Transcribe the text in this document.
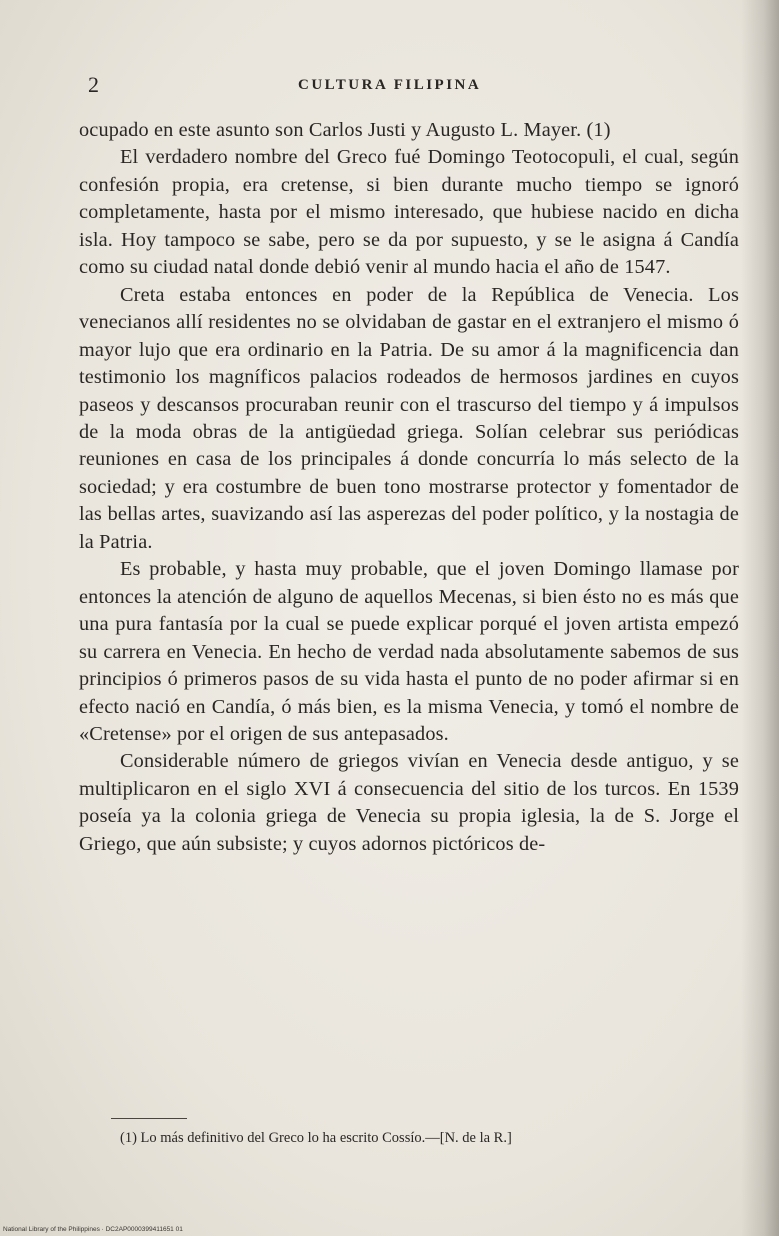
2	CULTURA FILIPINA

ocupado en este asunto son Carlos Justi y Augusto L. Mayer. (1)

El verdadero nombre del Greco fué Domingo Teotocopuli, el cual, según confesión propia, era cretense, si bien durante mucho tiempo se ignoró completamente, hasta por el mismo interesado, que hubiese nacido en dicha isla. Hoy tampoco se sabe, pero se da por supuesto, y se le asigna á Candía como su ciudad natal donde debió venir al mundo hacia el año de 1547.

Creta estaba entonces en poder de la República de Venecia. Los venecianos allí residentes no se olvidaban de gastar en el extranjero el mismo ó mayor lujo que era ordinario en la Patria. De su amor á la magnificencia dan testimonio los magníficos palacios rodeados de hermosos jardines en cuyos paseos y descansos procuraban reunir con el trascurso del tiempo y á impulsos de la moda obras de la antigüedad griega. Solían celebrar sus periódicas reuniones en casa de los principales á donde concurría lo más selecto de la sociedad; y era costumbre de buen tono mostrarse protector y fomentador de las bellas artes, suavizando así las asperezas del poder político, y la nostagia de la Patria.

Es probable, y hasta muy probable, que el joven Domingo llamase por entonces la atención de alguno de aquellos Mecenas, si bien ésto no es más que una pura fantasía por la cual se puede explicar porqué el joven artista empezó su carrera en Venecia. En hecho de verdad nada absolutamente sabemos de sus principios ó primeros pasos de su vida hasta el punto de no poder afirmar si en efecto nació en Candía, ó más bien, es la misma Venecia, y tomó el nombre de «Cretense» por el origen de sus antepasados.

Considerable número de griegos vivían en Venecia desde antiguo, y se multiplicaron en el siglo XVI á consecuencia del sitio de los turcos. En 1539 poseía ya la colonia griega de Venecia su propia iglesia, la de S. Jorge el Griego, que aún subsiste; y cuyos adornos pictóricos de-

(1) Lo más definitivo del Greco lo ha escrito Cossío.—[N. de la R.]
National Library of the Philippines · DC2AP0000399411651 01
